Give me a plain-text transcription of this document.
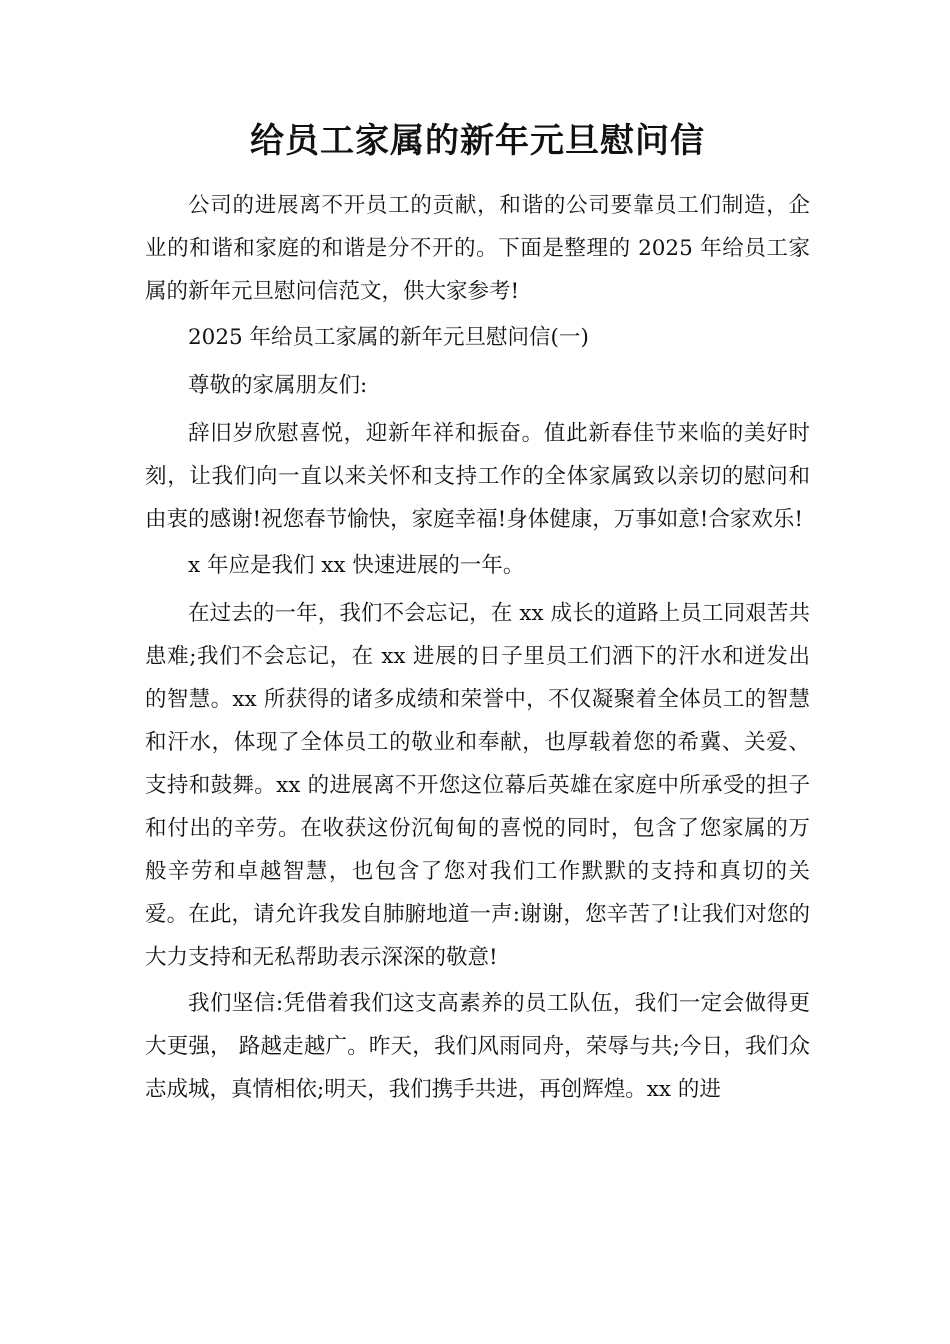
给员工家属的新年元旦慰问信

公司的进展离不开员工的贡献，和谐的公司要靠员工们制造，企业的和谐和家庭的和谐是分不开的。下面是整理的 2025 年给员工家属的新年元旦慰问信范文，供大家参考!

2025 年给员工家属的新年元旦慰问信(一)

尊敬的家属朋友们:

辞旧岁欣慰喜悦，迎新年祥和振奋。值此新春佳节来临的美好时刻，让我们向一直以来关怀和支持工作的全体家属致以亲切的慰问和由衷的感谢!祝您春节愉快，家庭幸福!身体健康，万事如意!合家欢乐!

x 年应是我们 xx 快速进展的一年。

在过去的一年，我们不会忘记，在 xx 成长的道路上员工同艰苦共患难;我们不会忘记，在 xx 进展的日子里员工们洒下的汗水和迸发出的智慧。xx 所获得的诸多成绩和荣誉中，不仅凝聚着全体员工的智慧和汗水，体现了全体员工的敬业和奉献，也厚载着您的希冀、关爱、支持和鼓舞。xx 的进展离不开您这位幕后英雄在家庭中所承受的担子和付出的辛劳。在收获这份沉甸甸的喜悦的同时，包含了您家属的万般辛劳和卓越智慧，也包含了您对我们工作默默的支持和真切的关爱。在此，请允许我发自肺腑地道一声:谢谢，您辛苦了!让我们对您的大力支持和无私帮助表示深深的敬意!

我们坚信:凭借着我们这支高素养的员工队伍，我们一定会做得更大更强， 路越走越广。昨天，我们风雨同舟，荣辱与共;今日，我们众志成城，真情相依;明天，我们携手共进，再创辉煌。xx 的进
